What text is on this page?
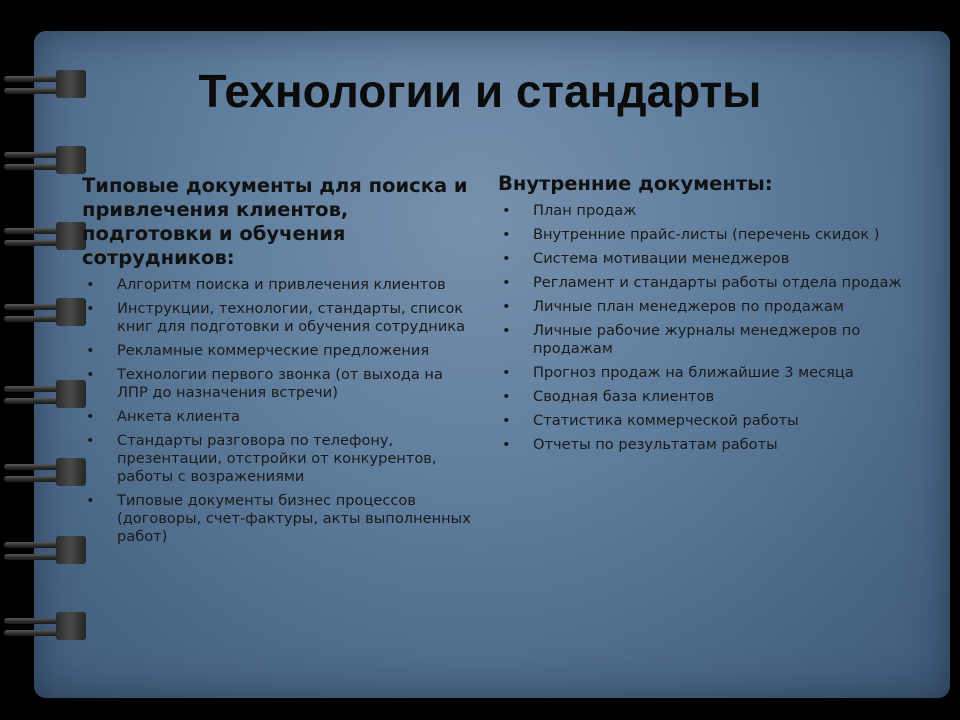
Технологии и стандарты
Типовые документы для поиска и привлечения клиентов, подготовки и обучения сотрудников:
• Алгоритм поиска и привлечения клиентов
• Инструкции, технологии, стандарты, список книг для подготовки и обучения сотрудника
• Рекламные коммерческие предложения
• Технологии первого звонка (от выхода на ЛПР до назначения встречи)
• Анкета клиента
• Стандарты разговора по телефону, презентации, отстройки от конкурентов, работы с возражениями
• Типовые документы бизнес процессов (договоры, счет-фактуры, акты выполненных работ)
Внутренние документы:
• План продаж
• Внутренние прайс-листы (перечень скидок )
• Система мотивации менеджеров
• Регламент и стандарты работы отдела продаж
• Личные план менеджеров по продажам
• Личные рабочие журналы менеджеров по продажам
• Прогноз продаж на ближайшие 3 месяца
• Сводная база клиентов
• Статистика коммерческой работы
• Отчеты по результатам работы
